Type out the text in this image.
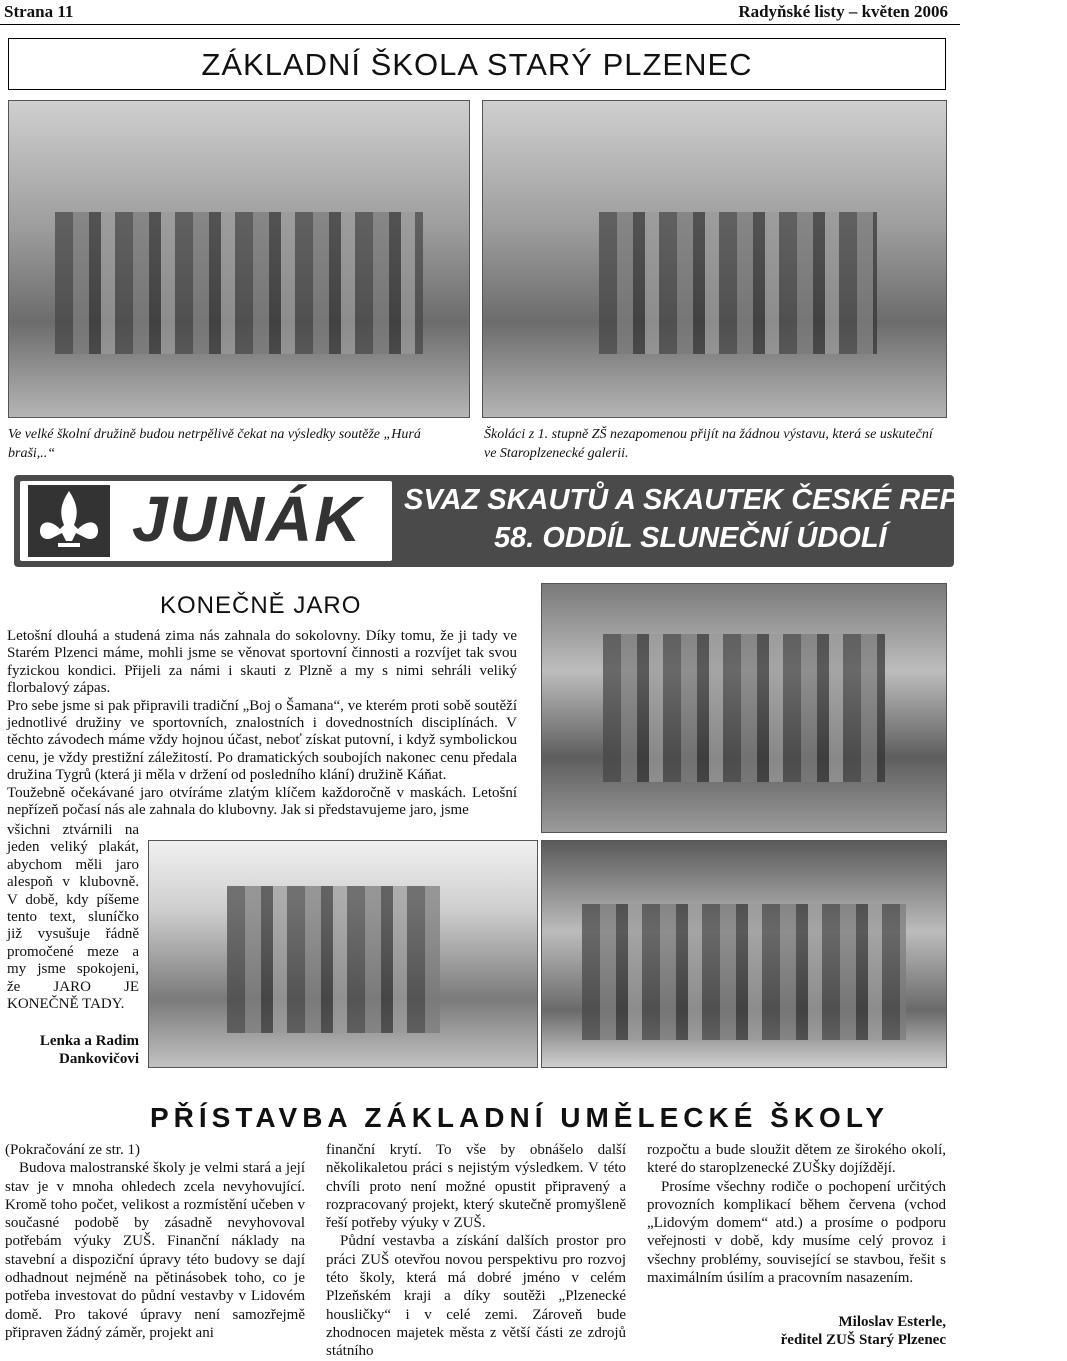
Strana 11	Radyňské listy – květen 2006
ZÁKLADNÍ ŠKOLA STARÝ PLZENEC
Ve velké školní družině budou netrpělivě čekat na výsledky soutěže „Hurá braši,..“
Školáci z 1. stupně ZŠ nezapomenou přijít na žádnou výstavu, která se uskuteční ve Staroplzenecké galerii.
JUNÁK SVAZ SKAUTŮ A SKAUTEK ČESKÉ REPUBLIKY
58. ODDÍL SLUNEČNÍ ÚDOLÍ
KONEČNĚ JARO

Letošní dlouhá a studená zima nás zahnala do sokolovny. Díky tomu, že ji tady ve Starém Plzenci máme, mohli jsme se věnovat sportovní činnosti a rozvíjet tak svou fyzickou kondici. Přijeli za námi i skauti z Plzně a my s nimi sehráli veliký florbalový zápas.

Pro sebe jsme si pak připravili tradiční „Boj o Šamana“, ve kterém proti sobě soutěží jednotlivé družiny ve sportovních, znalostních i dovednostních disciplínách. V těchto závodech máme vždy hojnou účast, neboť získat putovní, i když symbolickou cenu, je vždy prestižní záležitostí. Po dramatických soubojích nakonec cenu předala družina Tygrů (která ji měla v držení od posledního klání) družině Káňat.

Toužebně očekávané jaro otvíráme zlatým klíčem každoročně v maskách. Letošní nepřízeň počasí nás ale zahnala do klubovny. Jak si představujeme jaro, jsme

všichni ztvárnili na jeden veliký plakát, abychom měli jaro alespoň v klubovně. V době, kdy píšeme tento text, sluníčko již vysušuje řádně promočené meze a my jsme spokojeni, že JARO JE KONEČNĚ TADY.

Lenka a Radim
Dankovičovi
PŘÍSTAVBA ZÁKLADNÍ UMĚLECKÉ ŠKOLY

(Pokračování ze str. 1)

Budova malostranské školy je velmi stará a její stav je v mnoha ohledech zcela nevyhovující. Kromě toho počet, velikost a rozmístění učeben v současné podobě by zásadně nevyhovoval potřebám výuky ZUŠ. Finanční náklady na stavební a dispoziční úpravy této budovy se dají odhadnout nejméně na pětinásobek toho, co je potřeba investovat do půdní vestavby v Lidovém domě. Pro takové úpravy není samozřejmě připraven žádný záměr, projekt ani

finanční krytí. To vše by obnášelo další několikaletou práci s nejistým výsledkem. V této chvíli proto není možné opustit připravený a rozpracovaný projekt, který skutečně promyšleně řeší potřeby výuky v ZUŠ.

Půdní vestavba a získání dalších prostor pro práci ZUŠ otevřou novou perspektivu pro rozvoj této školy, která má dobré jméno v celém Plzeňském kraji a díky soutěži „Plzenecké housličky“ i v celé zemi. Zároveň bude zhodnocen majetek města z větší části ze zdrojů státního

rozpočtu a bude sloužit dětem ze širokého okolí, které do staroplzenecké ZUŠky dojíždějí.

Prosíme všechny rodiče o pochopení určitých provozních komplikací během červena (vchod „Lidovým domem“ atd.) a prosíme o podporu veřejnosti v době, kdy musíme celý provoz i všechny problémy, související se stavbou, řešit s maximálním úsilím a pracovním nasazením.

Miloslav Esterle,
ředitel ZUŠ Starý Plzenec
